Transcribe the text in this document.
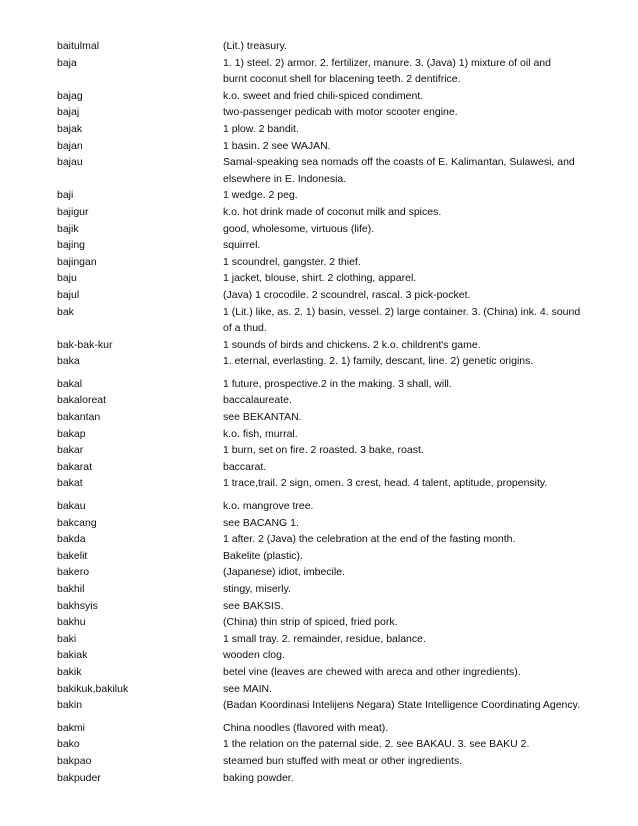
baitulmal	(Lit.) treasury.
baja	1. 1) steel. 2) armor. 2. fertilizer, manure. 3. (Java) 1) mixture of oil and
burnt coconut shell for blacening teeth. 2 dentifrice.
bajag	k.o. sweet and fried chili-spiced condiment.
bajaj	two-passenger pedicab with motor scooter engine.
bajak	1 plow. 2 bandit.
bajan	1 basin. 2 see WAJAN.
bajau	Samal-speaking sea nomads off the coasts of E. Kalimantan, Sulawesi, and
elsewhere in E. Indonesia.
baji	1 wedge. 2 peg.
bajigur	k.o. hot drink made of coconut milk and spices.
bajik	good, wholesome, virtuous (life).
bajing	squirrel.
bajingan	1 scoundrel, gangster. 2 thief.
baju	1 jacket, blouse, shirt. 2 clothing, apparel.
bajul	(Java) 1 crocodile. 2 scoundrel, rascal. 3 pick-pocket.
bak	1 (Lit.) like, as. 2. 1) basin, vessel. 2) large container. 3. (China) ink. 4. sound
of a thud.
bak-bak-kur	1 sounds of birds and chickens. 2 k.o. childrent's game.
baka	1. eternal, everlasting. 2. 1) family, descant, line. 2) genetic origins.
bakal	1 future, prospective.2 in the making. 3 shall, will.
bakaloreat	baccalaureate.
bakantan	see BEKANTAN.
bakap	k.o. fish, murral.
bakar	1 burn, set on fire. 2 roasted. 3 bake, roast.
bakarat	baccarat.
bakat	1 trace,trail. 2 sign, omen. 3 crest, head. 4 talent, aptitude, propensity.
bakau	k.o. mangrove tree.
bakcang	see BACANG 1.
bakda	1 after. 2 (Java) the celebration at the end of the fasting month.
bakelit	Bakelite (plastic).
bakero	(Japanese) idiot, imbecile.
bakhil	stingy, miserly.
bakhsyis	see BAKSIS.
bakhu	(China) thin strip of spiced, fried pork.
baki	1 small tray. 2. remainder, residue, balance.
bakiak	wooden clog.
bakik	betel vine (leaves are chewed with areca and other ingredients).
bakikuk,bakiluk	see MAIN.
bakin	(Badan Koordinasi Intelijens Negara) State Intelligence Coordinating Agency.
bakmi	China noodles (flavored with meat).
bako	1 the relation on the paternal side. 2. see BAKAU. 3. see BAKU 2.
bakpao	steamed bun stuffed with meat or other ingredients.
bakpuder	baking powder.
